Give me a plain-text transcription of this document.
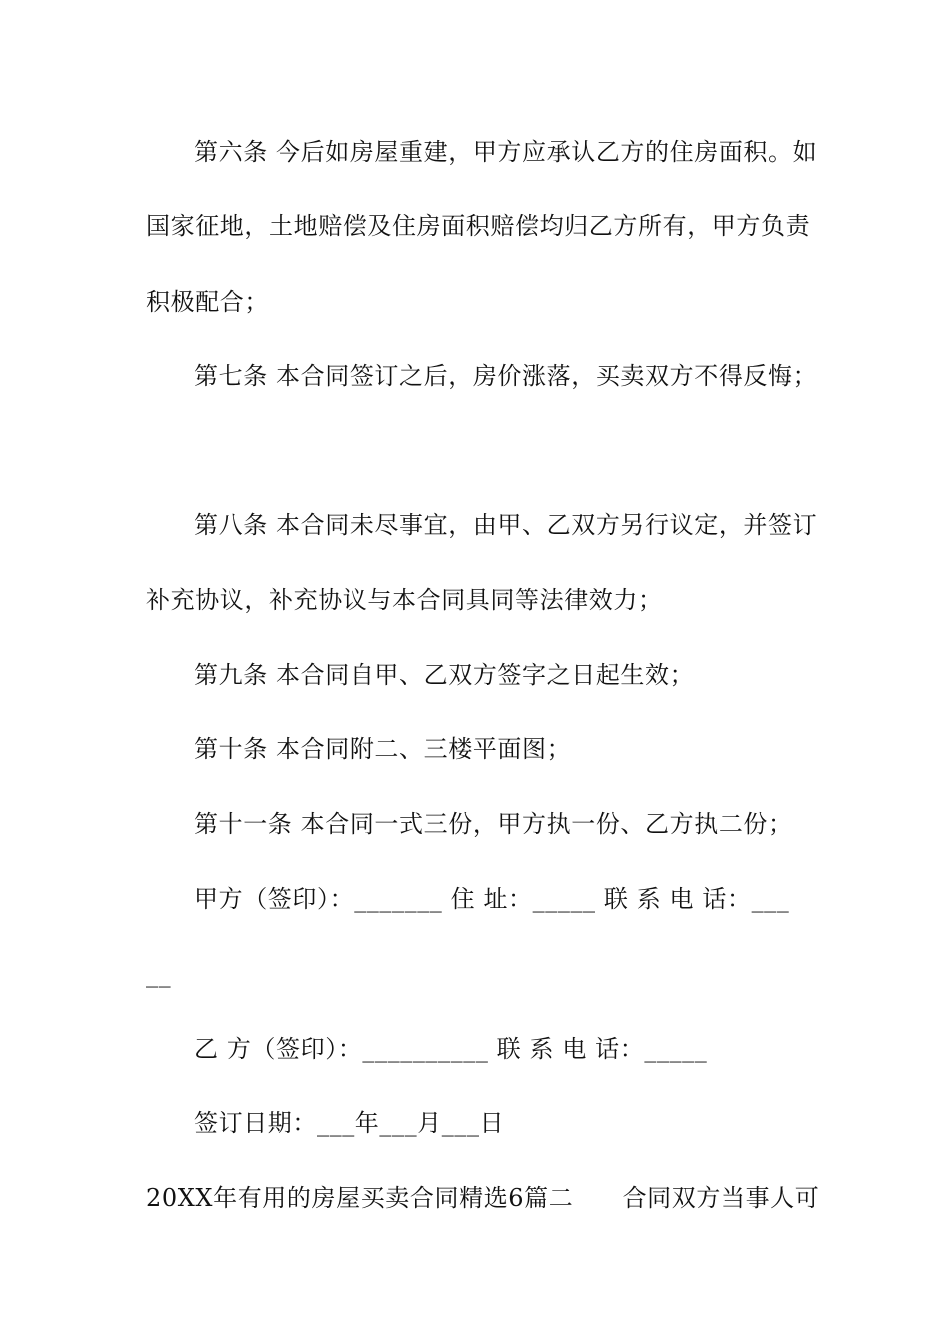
第六条 今后如房屋重建，甲方应承认乙方的住房面积。如
国家征地，土地赔偿及住房面积赔偿均归乙方所有，甲方负责
积极配合；
第七条 本合同签订之后，房价涨落，买卖双方不得反悔；
第八条 本合同未尽事宜，由甲、乙双方另行议定，并签订
补充协议，补充协议与本合同具同等法律效力；
第九条 本合同自甲、乙双方签字之日起生效；
第十条 本合同附二、三楼平面图；
第十一条 本合同一式三份，甲方执一份、乙方执二份；
甲方（签印）：_______ 住 址：_____ 联 系 电 话：___
__
乙 方（签印）：__________ 联 系 电 话：_____
签订日期：___年___月___日
20XX年有用的房屋买卖合同精选6篇二　　合同双方当事人可
